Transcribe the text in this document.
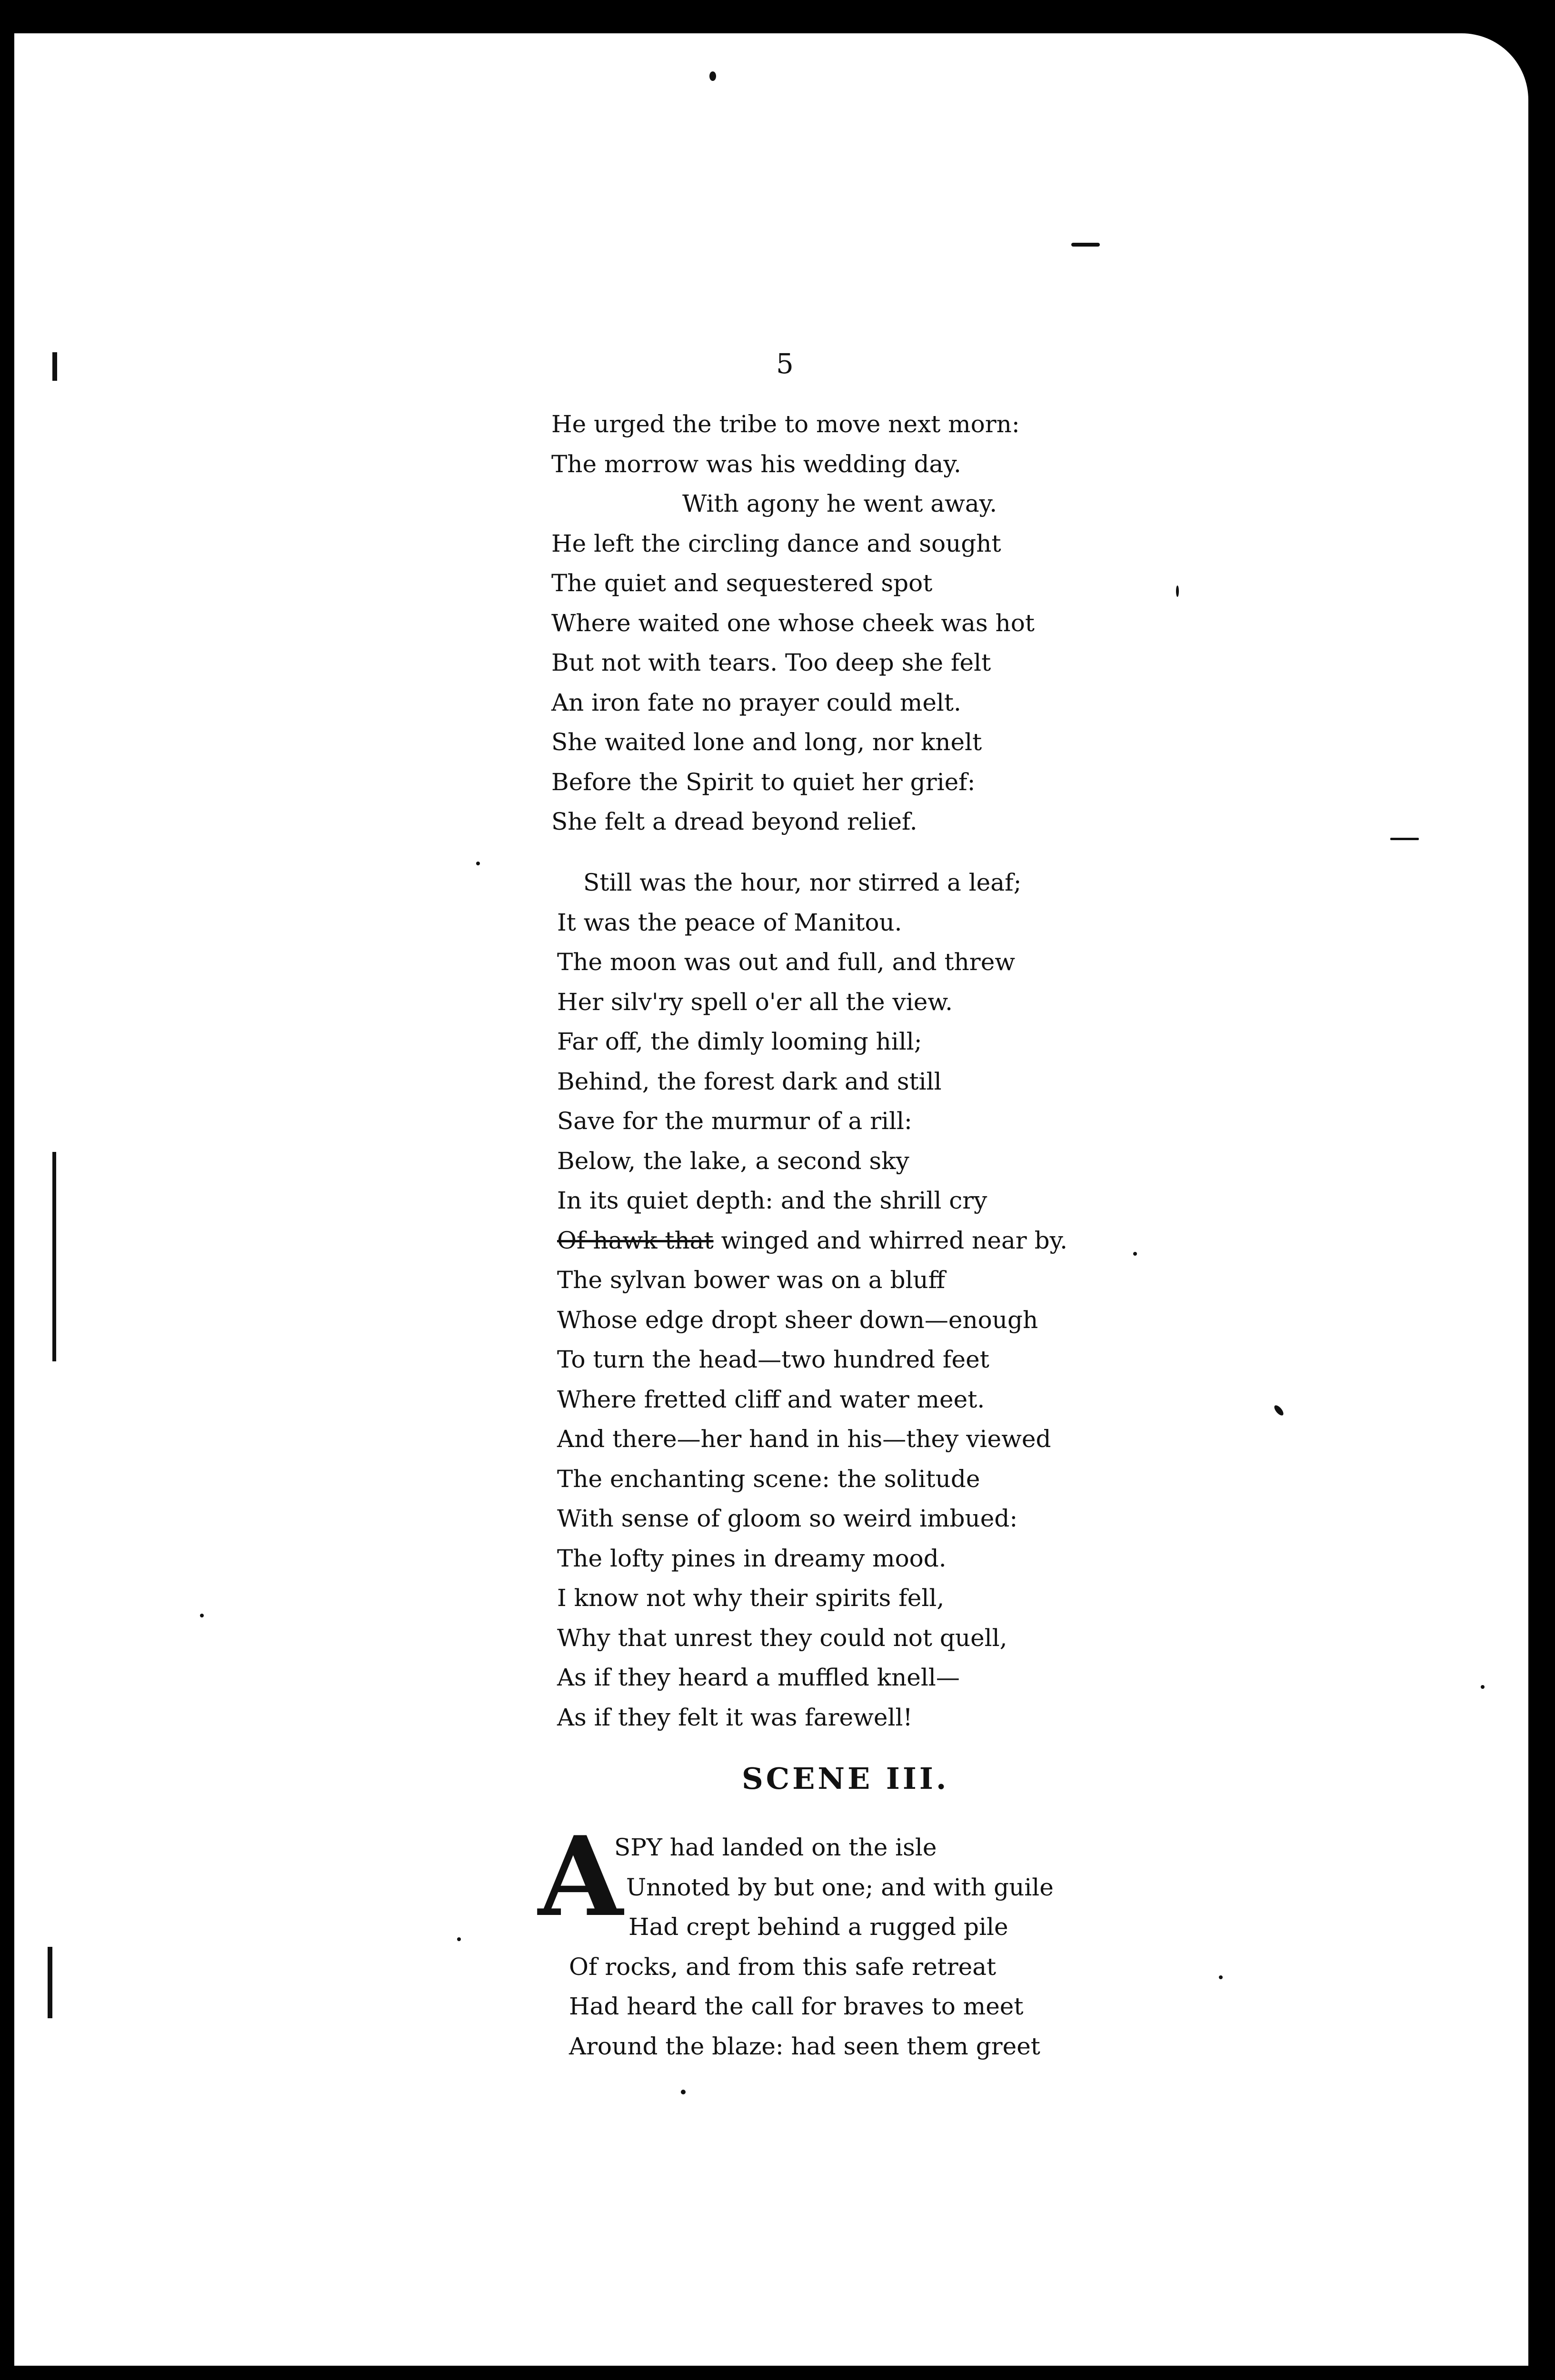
5
He urged the tribe to move next morn:
The morrow was his wedding day.
With agony he went away.
He left the circling dance and sought
The quiet and sequestered spot
Where waited one whose cheek was hot
But not with tears. Too deep she felt
An iron fate no prayer could melt.
She waited lone and long, nor knelt
Before the Spirit to quiet her grief:
She felt a dread beyond relief.
Still was the hour, nor stirred a leaf;
It was the peace of Manitou.
The moon was out and full, and threw
Her silv'ry spell o'er all the view.
Far off, the dimly looming hill;
Behind, the forest dark and still
Save for the murmur of a rill:
Below, the lake, a second sky
In its quiet depth: and the shrill cry
Of hawk that winged and whirred near by.
The sylvan bower was on a bluff
Whose edge dropt sheer down—enough
To turn the head—two hundred feet
Where fretted cliff and water meet.
And there—her hand in his—they viewed
The enchanting scene: the solitude
With sense of gloom so weird imbued:
The lofty pines in dreamy mood.
I know not why their spirits fell,
Why that unrest they could not quell,
As if they heard a muffled knell—
As if they felt it was farewell!
SCENE III.
A
SPY had landed on the isle
Unnoted by but one; and with guile
Had crept behind a rugged pile
Of rocks, and from this safe retreat
Had heard the call for braves to meet
Around the blaze: had seen them greet
